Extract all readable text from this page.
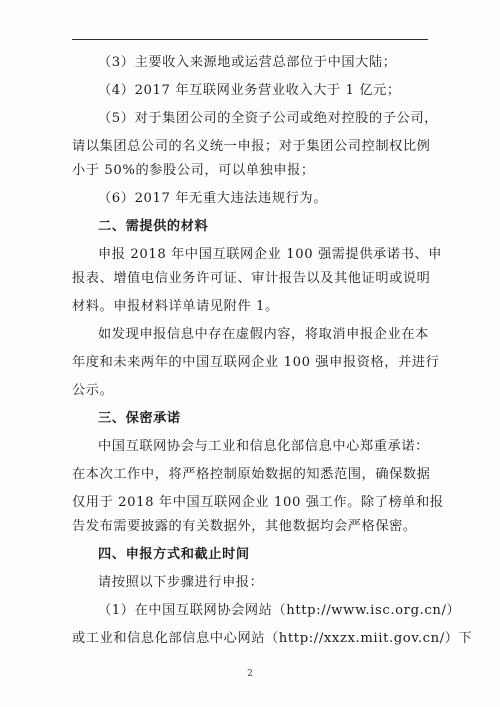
（3）主要收入来源地或运营总部位于中国大陆；
（4）2017 年互联网业务营业收入大于 1 亿元；
（5）对于集团公司的全资子公司或绝对控股的子公司，
请以集团总公司的名义统一申报；对于集团公司控制权比例
小于 50%的参股公司，可以单独申报；
（6）2017 年无重大违法违规行为。
二、需提供的材料
申报 2018 年中国互联网企业 100 强需提供承诺书、申
报表、增值电信业务许可证、审计报告以及其他证明或说明
材料。申报材料详单请见附件 1。
如发现申报信息中存在虚假内容，将取消申报企业在本
年度和未来两年的中国互联网企业 100 强申报资格，并进行
公示。
三、保密承诺
中国互联网协会与工业和信息化部信息中心郑重承诺：
在本次工作中，将严格控制原始数据的知悉范围，确保数据
仅用于 2018 年中国互联网企业 100 强工作。除了榜单和报
告发布需要披露的有关数据外，其他数据均会严格保密。
四、申报方式和截止时间
请按照以下步骤进行申报：
（1）在中国互联网协会网站（http://www.isc.org.cn/）
或工业和信息化部信息中心网站（http://xxzx.miit.gov.cn/）下
2
